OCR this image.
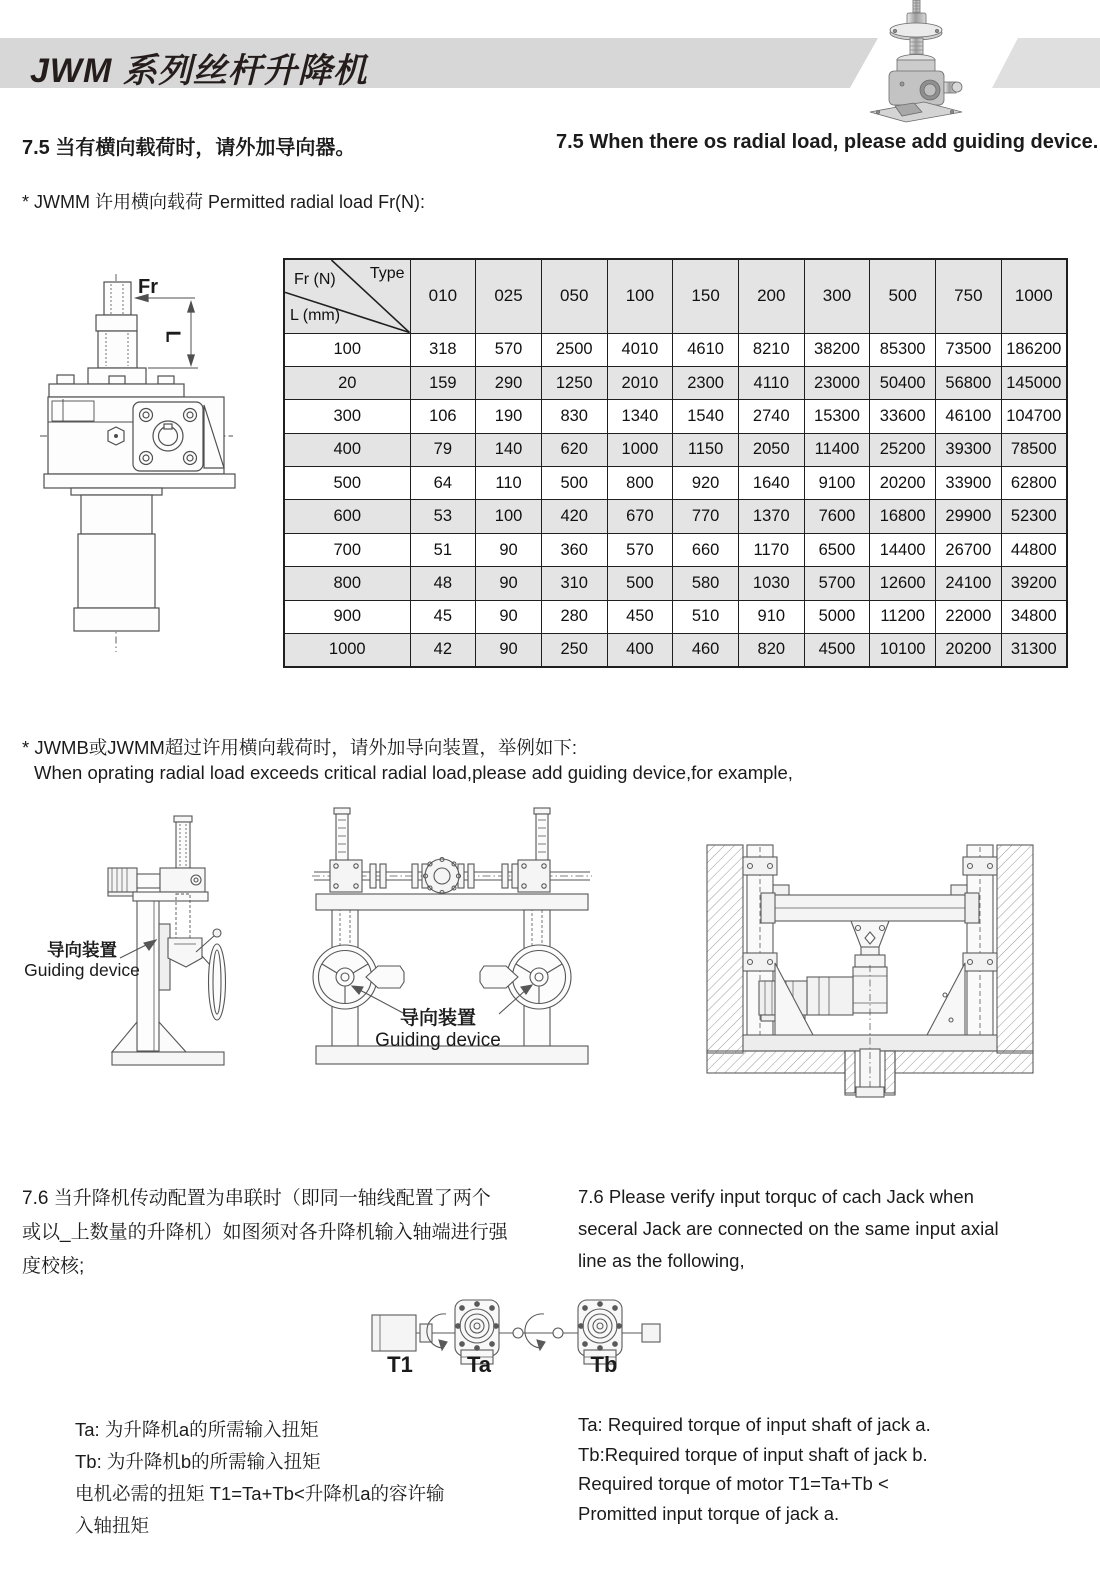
JWM 系列丝杆升降机
7.5 当有横向载荷时，请外加导向器。	7.5 When there os radial load, please add guiding device.
* JWMM 许用横向载荷 Permitted radial load Fr(N):
Fr
L
Fr (N) Type
L (mm)	010	025	050	100	150	200	300	500	750	1000
100	318	570	2500	4010	4610	8210	38200	85300	73500	186200
20	159	290	1250	2010	2300	4110	23000	50400	56800	145000
300	106	190	830	1340	1540	2740	15300	33600	46100	104700
400	79	140	620	1000	1150	2050	11400	25200	39300	78500
500	64	110	500	800	920	1640	9100	20200	33900	62800
600	53	100	420	670	770	1370	7600	16800	29900	52300
700	51	90	360	570	660	1170	6500	14400	26700	44800
800	48	90	310	500	580	1030	5700	12600	24100	39200
900	45	90	280	450	510	910	5000	11200	22000	34800
1000	42	90	250	400	460	820	4500	10100	20200	31300
* JWMB或JWMM超过许用横向载荷时，请外加导向装置，举例如下:
When oprating radial load exceeds critical radial load,please add guiding device,for example,
导向装置
Guiding device
导向装置
Guiding device
7.6 当升降机传动配置为串联时（即同一轴线配置了两个
或以_上数量的升降机）如图须对各升降机输入轴端进行强
度校核;
7.6 Please verify input torquc of cach Jack when
seceral Jack are connected on the same input axial
line as the following,
T1 Ta	Tb
Ta: 为升降机a的所需输入扭矩
Tb: 为升降机b的所需输入扭矩
电机必需的扭矩 T1=Ta+Tb<升降机a的容许输
入轴扭矩
Ta: Required torque of input shaft of jack a.
Tb:Required torque of input shaft of jack b.
Required torque of motor T1=Ta+Tb <
Promitted input torque of jack a.
